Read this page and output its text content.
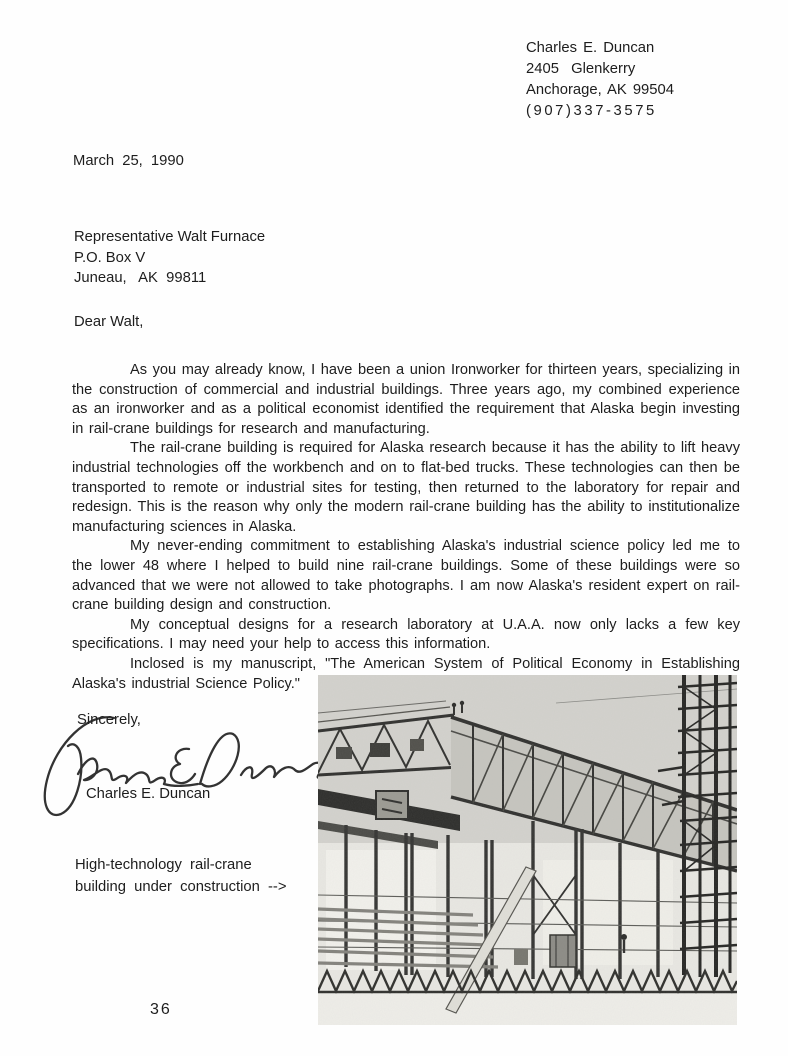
Charles E. Duncan
2405  Glenkerry
Anchorage, AK 99504
(907)337-3575
March 25, 1990
Representative Walt Furnace
P.O. Box V
Juneau,   AK  99811
Dear Walt,

As you may already know, I have been a union Ironworker for thirteen years, specializing in the construction of commercial and industrial buildings. Three years ago, my combined experience as an ironworker and as a political economist identified the requirement that Alaska begin investing in rail-crane buildings for research and manufacturing.

The rail-crane building is required for Alaska research because it has the ability to lift heavy industrial technologies off the workbench and on to flat-bed trucks. These technologies can then be transported to remote or industrial sites for testing, then returned to the laboratory for repair and redesign. This is the reason why only the modern rail-crane building has the ability to institutionalize manufacturing sciences in Alaska.

My never-ending commitment to establishing Alaska's industrial science policy led me to the lower 48 where I helped to build nine rail-crane buildings. Some of these buildings were so advanced that we were not allowed to take photographs. I am now Alaska's resident expert on rail-crane building design and construction.

My conceptual designs for a research laboratory at U.A.A. now only lacks a few key specifications. I may need your help to access this information.

Inclosed is my manuscript, "The American System of Political Economy in Establishing Alaska's industrial Science Policy."

Sincerely,
Charles E. Duncan
High-technology rail-crane
building under construction -->
36
